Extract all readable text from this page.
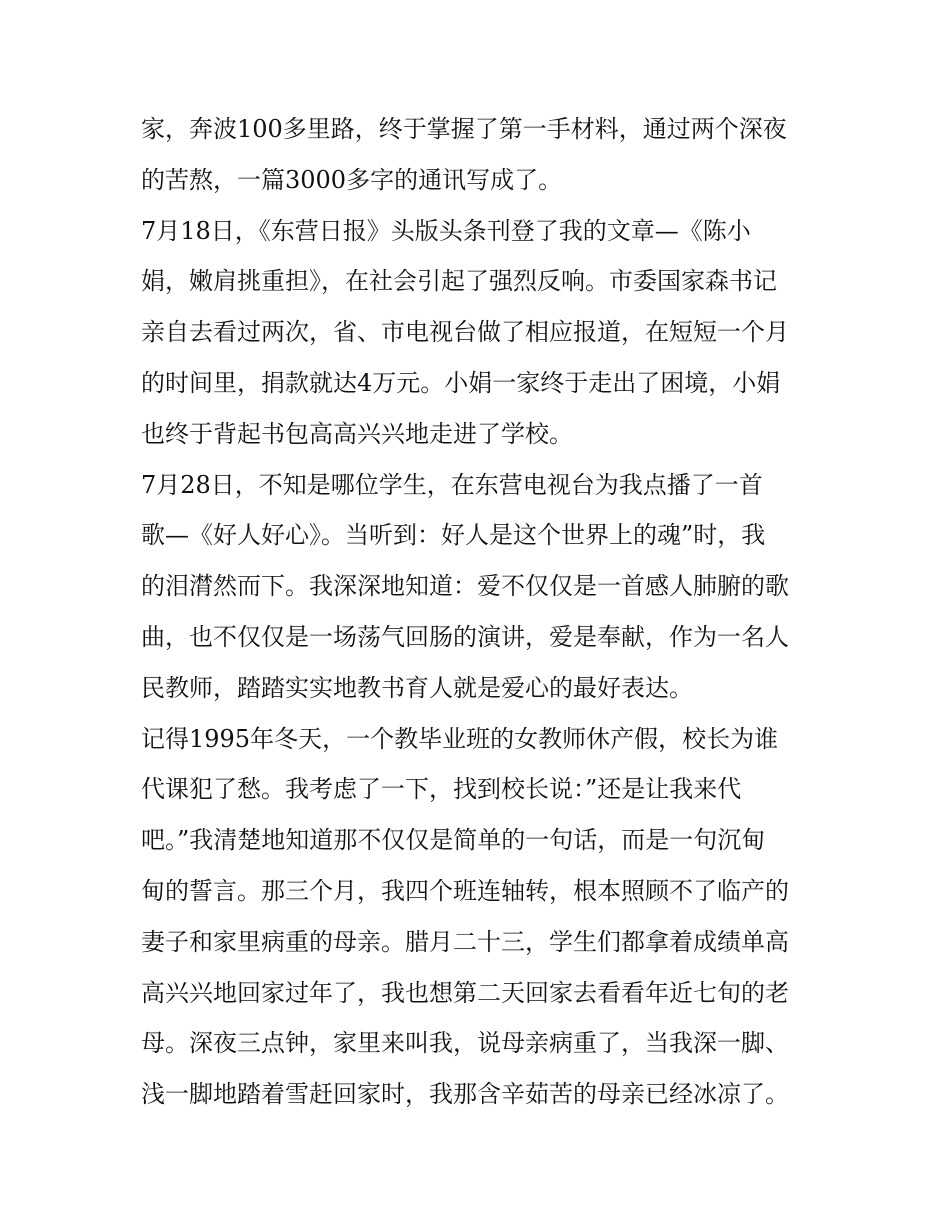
家，奔波100多里路，终于掌握了第一手材料，通过两个深夜
的苦熬，一篇3000多字的通讯写成了。
7月18日，《东营日报》头版头条刊登了我的文章—《陈小
娟，嫩肩挑重担》，在社会引起了强烈反响。市委国家森书记
亲自去看过两次，省、市电视台做了相应报道，在短短一个月
的时间里，捐款就达4万元。小娟一家终于走出了困境，小娟
也终于背起书包高高兴兴地走进了学校。
7月28日，不知是哪位学生，在东营电视台为我点播了一首
歌—《好人好心》。当听到：好人是这个世界上的魂”时，我
的泪潸然而下。我深深地知道：爱不仅仅是一首感人肺腑的歌
曲，也不仅仅是一场荡气回肠的演讲，爱是奉献，作为一名人
民教师，踏踏实实地教书育人就是爱心的最好表达。
记得1995年冬天，一个教毕业班的女教师休产假，校长为谁
代课犯了愁。我考虑了一下，找到校长说：”还是让我来代
吧。”我清楚地知道那不仅仅是简单的一句话，而是一句沉甸
甸的誓言。那三个月，我四个班连轴转，根本照顾不了临产的
妻子和家里病重的母亲。腊月二十三，学生们都拿着成绩单高
高兴兴地回家过年了，我也想第二天回家去看看年近七旬的老
母。深夜三点钟，家里来叫我，说母亲病重了，当我深一脚、
浅一脚地踏着雪赶回家时，我那含辛茹苦的母亲已经冰凉了。
